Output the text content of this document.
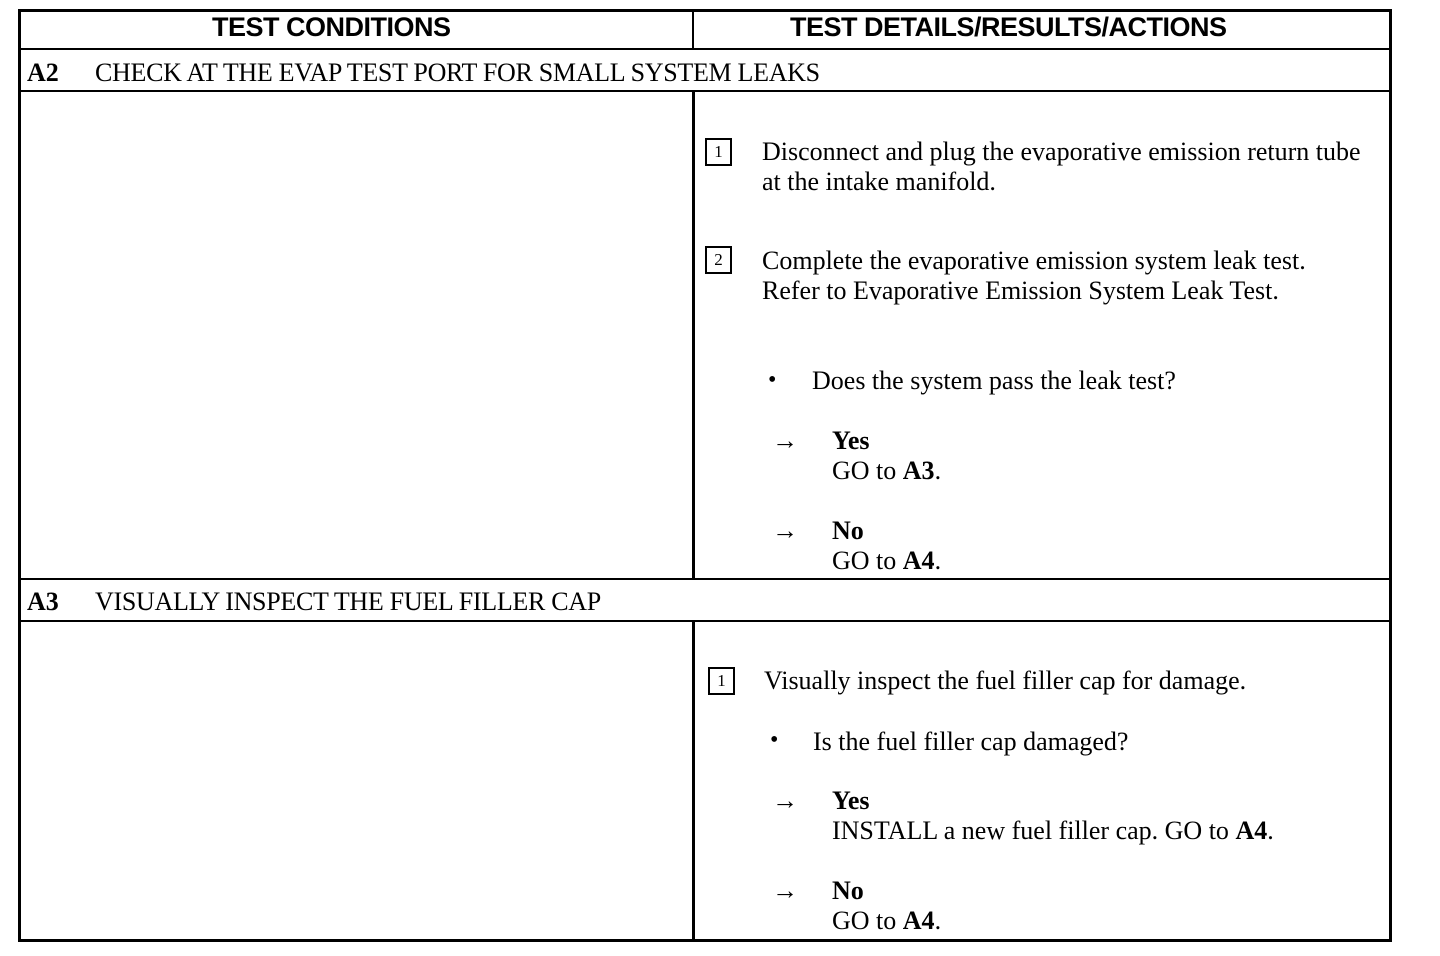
TEST CONDITIONS	TEST DETAILS/RESULTS/ACTIONS
A2 CHECK AT THE EVAP TEST PORT FOR SMALL SYSTEM LEAKS
1	Disconnect and plug the evaporative emission return tube at the intake manifold.
2	Complete the evaporative emission system leak test. Refer to Evaporative Emission System Leak Test.
• Does the system pass the leak test?
→ Yes
GO to A3.
→ No
GO to A4.
A3 VISUALLY INSPECT THE FUEL FILLER CAP
1	Visually inspect the fuel filler cap for damage.
• Is the fuel filler cap damaged?
→ Yes
INSTALL a new fuel filler cap. GO to A4.
→ No
GO to A4.
